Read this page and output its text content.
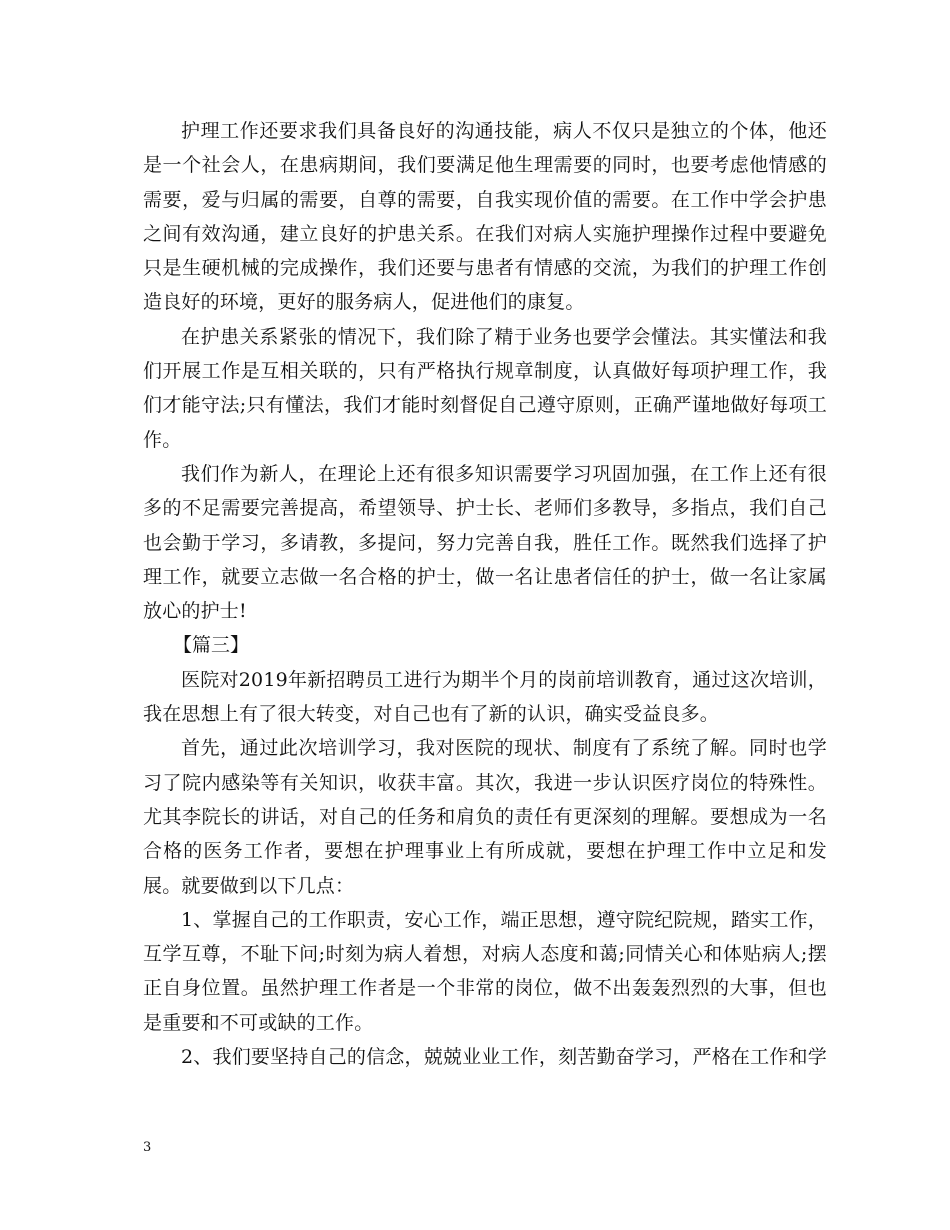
护理工作还要求我们具备良好的沟通技能，病人不仅只是独立的个体，他还是一个社会人，在患病期间，我们要满足他生理需要的同时，也要考虑他情感的需要，爱与归属的需要，自尊的需要，自我实现价值的需要。在工作中学会护患之间有效沟通，建立良好的护患关系。在我们对病人实施护理操作过程中要避免只是生硬机械的完成操作，我们还要与患者有情感的交流，为我们的护理工作创造良好的环境，更好的服务病人，促进他们的康复。

在护患关系紧张的情况下，我们除了精于业务也要学会懂法。其实懂法和我们开展工作是互相关联的，只有严格执行规章制度，认真做好每项护理工作，我们才能守法;只有懂法，我们才能时刻督促自己遵守原则，正确严谨地做好每项工作。

我们作为新人，在理论上还有很多知识需要学习巩固加强，在工作上还有很多的不足需要完善提高，希望领导、护士长、老师们多教导，多指点，我们自己也会勤于学习，多请教，多提问，努力完善自我，胜任工作。既然我们选择了护理工作，就要立志做一名合格的护士，做一名让患者信任的护士，做一名让家属放心的护士!

【篇三】

医院对2019年新招聘员工进行为期半个月的岗前培训教育，通过这次培训，我在思想上有了很大转变，对自己也有了新的认识，确实受益良多。

首先，通过此次培训学习，我对医院的现状、制度有了系统了解。同时也学习了院内感染等有关知识，收获丰富。其次，我进一步认识医疗岗位的特殊性。尤其李院长的讲话，对自己的任务和肩负的责任有更深刻的理解。要想成为一名合格的医务工作者，要想在护理事业上有所成就，要想在护理工作中立足和发展。就要做到以下几点：

1、掌握自己的工作职责，安心工作，端正思想，遵守院纪院规，踏实工作，互学互尊，不耻下问;时刻为病人着想，对病人态度和蔼;同情关心和体贴病人;摆正自身位置。虽然护理工作者是一个非常的岗位，做不出轰轰烈烈的大事，但也是重要和不可或缺的工作。

2、我们要坚持自己的信念，兢兢业业工作，刻苦勤奋学习，严格在工作和学

3
